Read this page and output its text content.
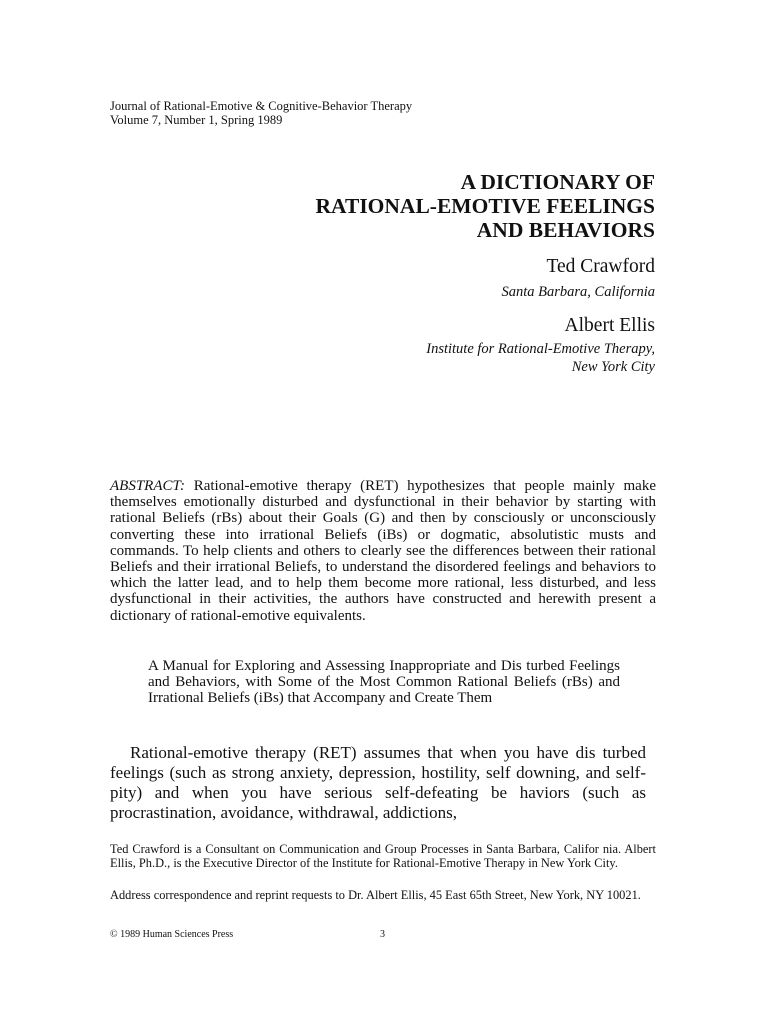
Journal of Rational-Emotive & Cognitive-Behavior Therapy
Volume 7, Number 1, Spring 1989
A DICTIONARY OF
RATIONAL-EMOTIVE FEELINGS
AND BEHAVIORS
Ted Crawford
Santa Barbara, California
Albert Ellis
Institute for Rational-Emotive Therapy,
New York City
ABSTRACT: Rational-emotive therapy (RET) hypothesizes that people mainly make themselves emotionally disturbed and dysfunctional in their behavior by starting with rational Beliefs (rBs) about their Goals (G) and then by consciously or unconsciously converting these into irrational Beliefs (iBs) or dogmatic, absolutistic musts and commands. To help clients and others to clearly see the differences between their rational Beliefs and their irrational Beliefs, to understand the disordered feelings and behaviors to which the latter lead, and to help them become more rational, less disturbed, and less dysfunctional in their activities, the authors have constructed and herewith present a dictionary of rational-emotive equivalents.
A Manual for Exploring and Assessing Inappropriate and Dis turbed Feelings and Behaviors, with Some of the Most Common Rational Beliefs (rBs) and Irrational Beliefs (iBs) that Accompany and Create Them
Rational-emotive therapy (RET) assumes that when you have dis turbed feelings (such as strong anxiety, depression, hostility, self downing, and self-pity) and when you have serious self-defeating be haviors (such as procrastination, avoidance, withdrawal, addictions,
Ted Crawford is a Consultant on Communication and Group Processes in Santa Barbara, Califor nia. Albert Ellis, Ph.D., is the Executive Director of the Institute for Rational-Emotive Therapy in New York City.
Address correspondence and reprint requests to Dr. Albert Ellis, 45 East 65th Street, New York, NY 10021.
© 1989 Human Sciences Press	3
